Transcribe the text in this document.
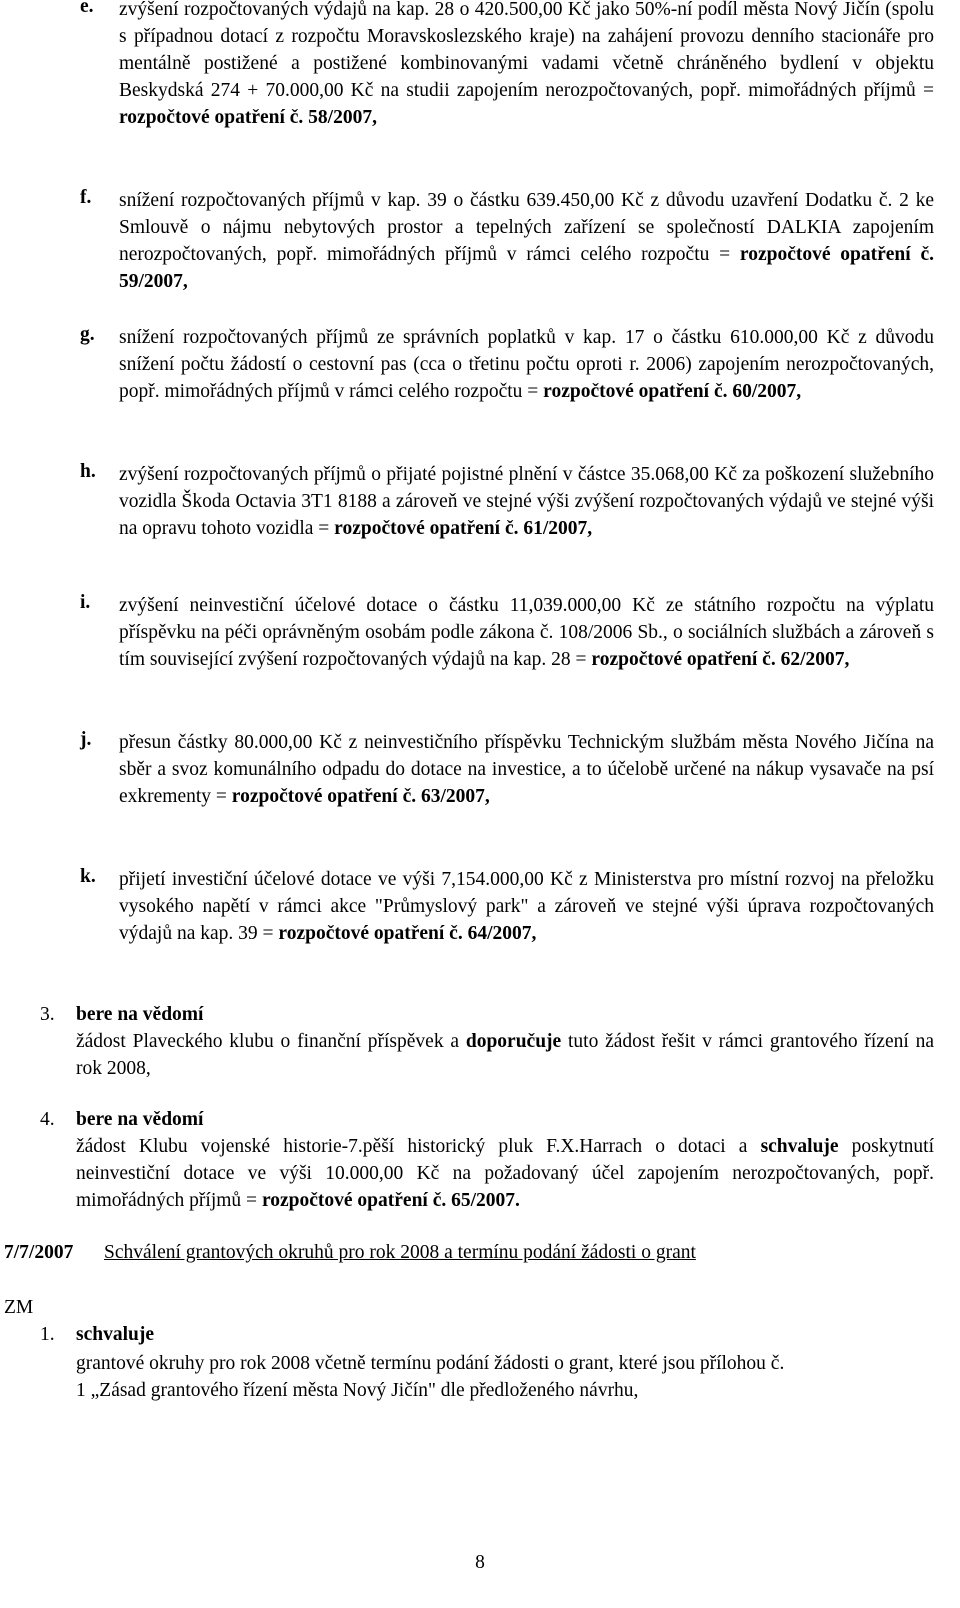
e. zvýšení rozpočtovaných výdajů na kap. 28 o 420.500,00 Kč jako 50%-ní podíl města Nový Jičín (spolu s případnou dotací z rozpočtu Moravskoslezského kraje) na zahájení provozu denního stacionáře pro mentálně postižené a postižené kombinovanými vadami včetně chráněného bydlení v objektu Beskydská 274 + 70.000,00 Kč na studii zapojením nerozpočtovaných, popř. mimořádných příjmů = rozpočtové opatření č. 58/2007,
f. snížení rozpočtovaných příjmů v kap. 39 o částku 639.450,00 Kč z důvodu uzavření Dodatku č. 2 ke Smlouvě o nájmu nebytových prostor a tepelných zařízení se společností DALKIA zapojením nerozpočtovaných, popř. mimořádných příjmů v rámci celého rozpočtu = rozpočtové opatření č. 59/2007,
g. snížení rozpočtovaných příjmů ze správních poplatků v kap. 17 o částku 610.000,00 Kč z důvodu snížení počtu žádostí o cestovní pas (cca o třetinu počtu oproti r. 2006) zapojením nerozpočtovaných, popř. mimořádných příjmů v rámci celého rozpočtu = rozpočtové opatření č. 60/2007,
h. zvýšení rozpočtovaných příjmů o přijaté pojistné plnění v částce 35.068,00 Kč za poškození služebního vozidla Škoda Octavia 3T1 8188 a zároveň ve stejné výši zvýšení rozpočtovaných výdajů ve stejné výši na opravu tohoto vozidla = rozpočtové opatření č. 61/2007,
i. zvýšení neinvestiční účelové dotace o částku 11,039.000,00 Kč ze státního rozpočtu na výplatu příspěvku na péči oprávněným osobám podle zákona č. 108/2006 Sb., o sociálních službách a zároveň s tím související zvýšení rozpočtovaných výdajů na kap. 28 = rozpočtové opatření č. 62/2007,
j. přesun částky 80.000,00 Kč z neinvestičního příspěvku Technickým službám města Nového Jičína na sběr a svoz komunálního odpadu do dotace na investice, a to účelobě určené na nákup vysavače na psí exkrementy = rozpočtové opatření č. 63/2007,
k. přijetí investiční účelové dotace ve výši 7,154.000,00 Kč z Ministerstva pro místní rozvoj na přeložku vysokého napětí v rámci akce "Průmyslový park" a zároveň ve stejné výši úprava rozpočtovaných výdajů na kap. 39 = rozpočtové opatření č. 64/2007,
3. bere na vědomí
žádost Plaveckého klubu o finanční příspěvek a doporučuje tuto žádost řešit v rámci grantového řízení na rok 2008,
4. bere na vědomí
žádost Klubu vojenské historie-7.pěší historický pluk F.X.Harrach o dotaci a schvaluje poskytnutí neinvestiční dotace ve výši 10.000,00 Kč na požadovaný účel zapojením nerozpočtovaných, popř. mimořádných příjmů = rozpočtové opatření č. 65/2007.
7/7/2007 Schválení grantových okruhů pro rok 2008 a termínu podání žádosti o grant
ZM
1. schvaluje
grantové okruhy pro rok 2008 včetně termínu podání žádosti o grant, které jsou přílohou č.
1 „Zásad grantového řízení města Nový Jičín" dle předloženého návrhu,
8
